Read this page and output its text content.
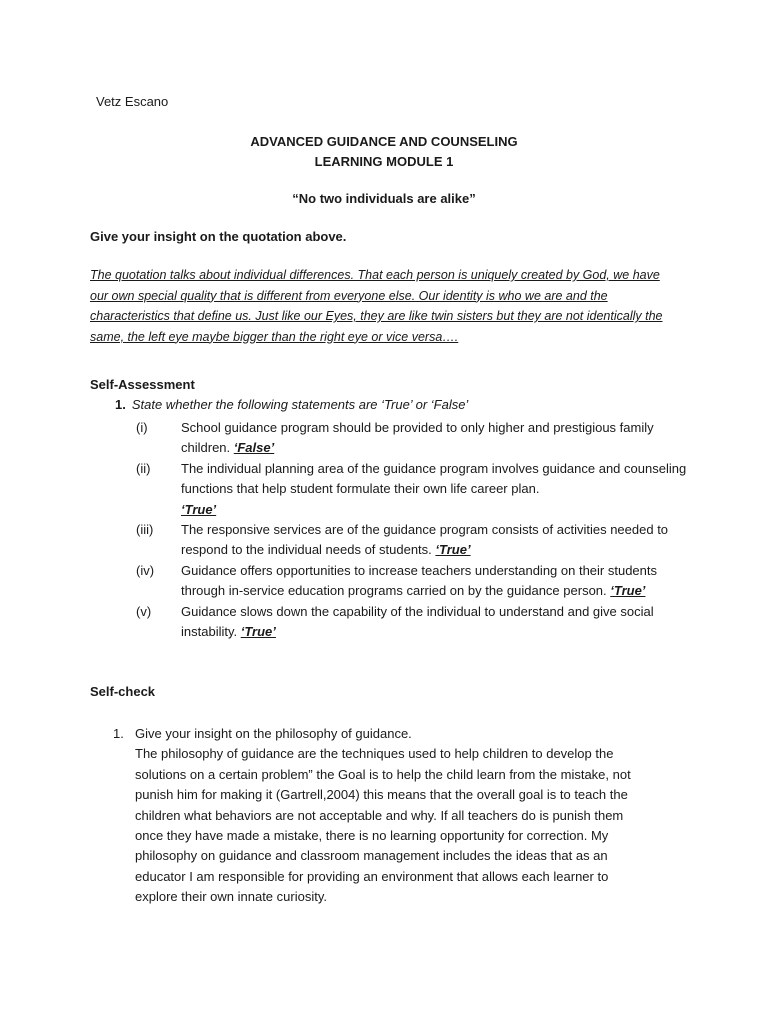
Vetz Escano
ADVANCED GUIDANCE AND COUNSELING
LEARNING MODULE 1
“No two individuals are alike”
Give your insight on the quotation above.
The quotation talks about individual differences. That each person is uniquely created by God, we have
our own special quality that is different from everyone else. Our identity is who we are and the
characteristics that define us. Just like our Eyes, they are like twin sisters but they are not identically the
same, the left eye maybe bigger than the right eye or vice versa….
Self-Assessment
1. State whether the following statements are ‘True’ or ‘False’
(i)	School guidance program should be provided to only higher and prestigious family children. ‘False’
(ii)	The individual planning area of the guidance program involves guidance and counseling functions that help student formulate their own life career plan.
‘True’
(iii)	The responsive services are of the guidance program consists of activities needed to respond to the individual needs of students. ‘True’
(iv)	Guidance offers opportunities to increase teachers understanding on their students through in-service education programs carried on by the guidance person. ‘True’
(v)	Guidance slows down the capability of the individual to understand and give social instability. ‘True’
Self-check
1. Give your insight on the philosophy of guidance.
The philosophy of guidance are the techniques used to help children to develop the
solutions on a certain problem” the Goal is to help the child learn from the mistake, not
punish him for making it (Gartrell,2004) this means that the overall goal is to teach the
children what behaviors are not acceptable and why. If all teachers do is punish them
once they have made a mistake, there is no learning opportunity for correction. My
philosophy on guidance and classroom management includes the ideas that as an
educator I am responsible for providing an environment that allows each learner to
explore their own innate curiosity.
